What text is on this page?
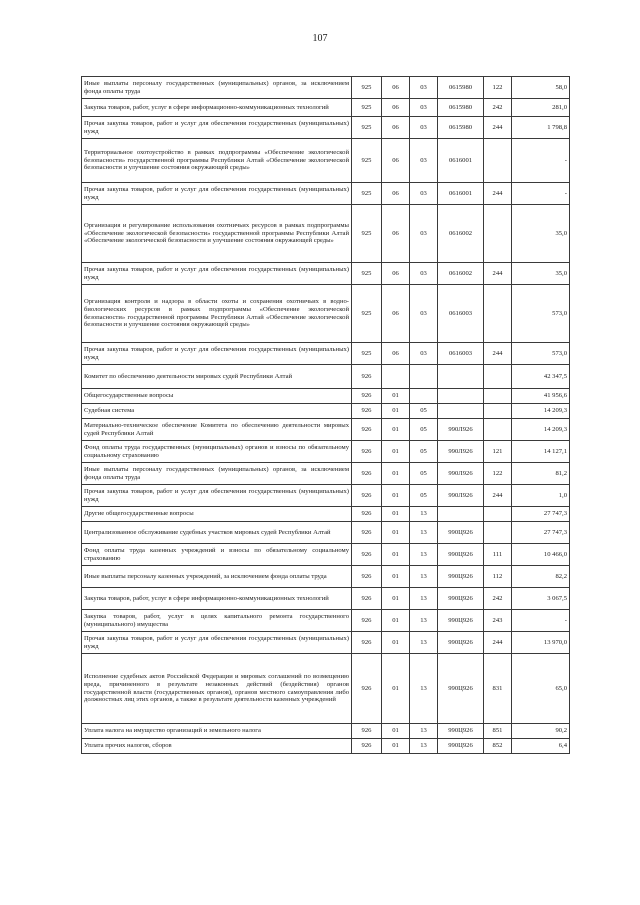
107
Иные выплаты персоналу государственных (муниципальных) органов, за исключением фонда оплаты труда	925	06	03	0615980	122	58,0
Закупка товаров, работ, услуг в сфере информационно-коммуникационных технологий	925	06	03	0615980	242	281,0
Прочая закупка товаров, работ и услуг для обеспечения государственных (муниципальных) нужд	925	06	03	0615980	244	1 798,8
Территориальное охотоустройство в рамках подпрограммы «Обеспечение экологической безопасности» государственной программы Республики Алтай «Обеспечение экологической безопасности и улучшение состояния окружающей среды»	925	06	03	0616001		-
Прочая закупка товаров, работ и услуг для обеспечения государственных (муниципальных) нужд	925	06	03	0616001	244	-
Организация и регулирование использования охотничьих ресурсов в рамках подпрограммы «Обеспечение экологической безопасности» государственной программы Республики Алтай «Обеспечение экологической безопасности и улучшение состояния окружающей среды»	925	06	03	0616002		35,0
Прочая закупка товаров, работ и услуг для обеспечения государственных (муниципальных) нужд	925	06	03	0616002	244	35,0
Организация контроля и надзора в области охоты и сохранения охотничьих в водно-биологических ресурсов в рамках подпрограммы «Обеспечение экологической безопасности» государственной программы Республики Алтай «Обеспечение экологической безопасности и улучшение состояния окружающей среды»	925	06	03	0616003		573,0
Прочая закупка товаров, работ и услуг для обеспечения государственных (муниципальных) нужд	925	06	03	0616003	244	573,0
Комитет по обеспечению деятельности мировых судей Республики Алтай	926					42 347,5
Общегосударственные вопросы	926	01				41 956,6
Судебная система	926	01	05			14 209,3
Материально-техническое обеспечение Комитета по обеспечению деятельности мировых судей Республики Алтай	926	01	05	990Л926		14 209,3
Фонд оплаты труда государственных (муниципальных) органов и взносы по обязательному социальному страхованию	926	01	05	990Л926	121	14 127,1
Иные выплаты персоналу государственных (муниципальных) органов, за исключением фонда оплаты труда	926	01	05	990Л926	122	81,2
Прочая закупка товаров, работ и услуг для обеспечения государственных (муниципальных) нужд	926	01	05	990Л926	244	1,0
Другие общегосударственные вопросы	926	01	13			27 747,3
Централизованное обслуживание судебных участков мировых судей Республики Алтай	926	01	13	990Ц926		27 747,3
Фонд оплаты труда казенных учреждений и взносы по обязательному социальному страхованию	926	01	13	990Ц926	111	10 466,0
Иные выплаты персоналу казенных учреждений, за исключением фонда оплаты труда	926	01	13	990Ц926	112	82,2
Закупка товаров, работ, услуг в сфере информационно-коммуникационных технологий	926	01	13	990Ц926	242	3 067,5
Закупка товаров, работ, услуг в целях капитального ремонта государственного (муниципального) имущества	926	01	13	990Ц926	243	-
Прочая закупка товаров, работ и услуг для обеспечения государственных (муниципальных) нужд	926	01	13	990Ц926	244	13 970,0
Исполнение судебных актов Российской Федерации и мировых соглашений по возмещению вреда, причиненного в результате незаконных действий (бездействия) органов государственной власти (государственных органов), органов местного самоуправления либо должностных лиц этих органов, а также в результате деятельности казенных учреждений	926	01	13	990Ц926	831	65,0
Уплата налога на имущество организаций и земельного налога	926	01	13	990Ц926	851	90,2
Уплата прочих налогов, сборов	926	01	13	990Ц926	852	6,4
